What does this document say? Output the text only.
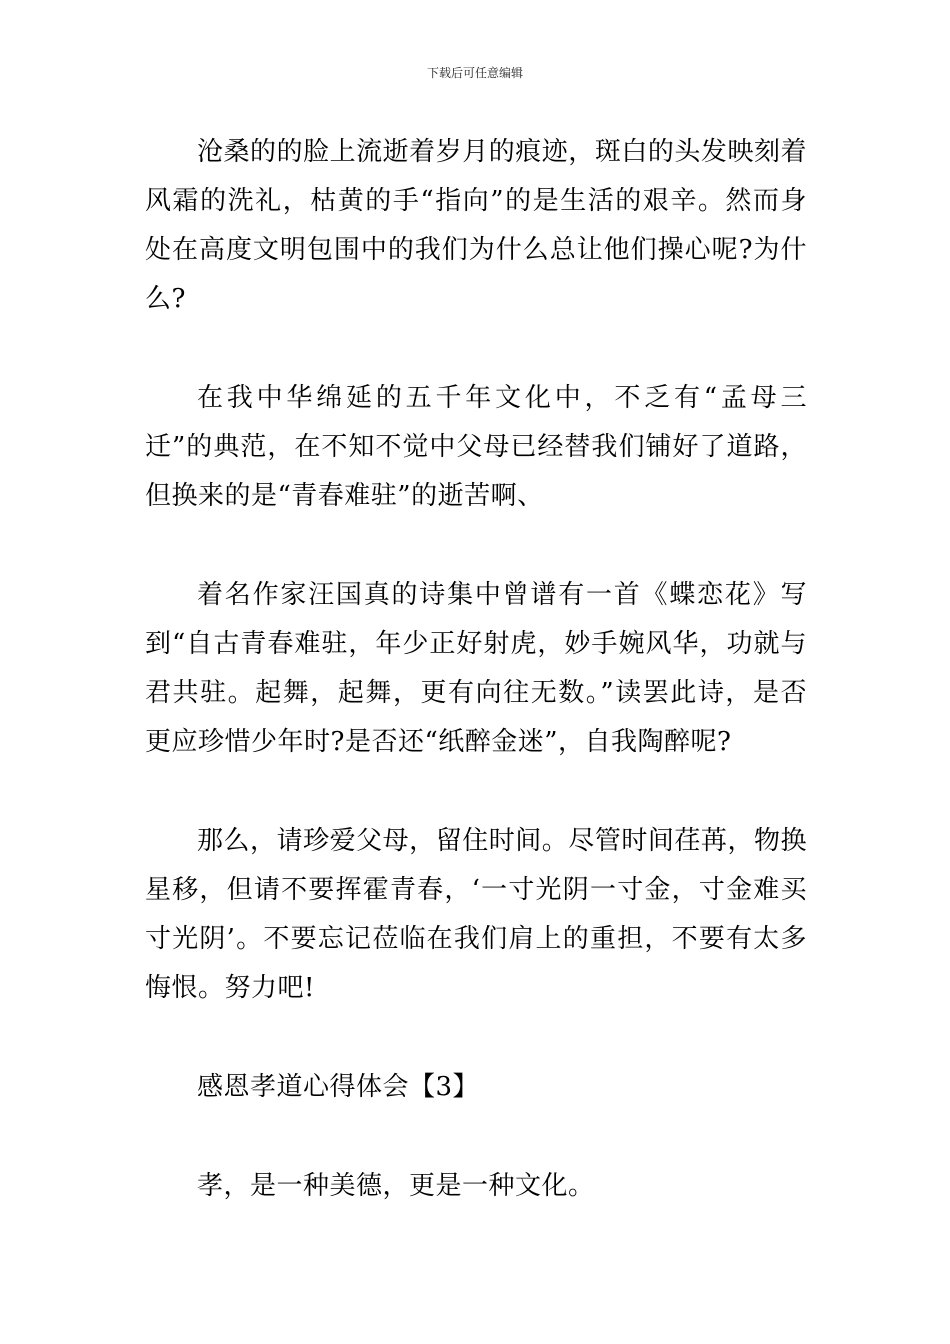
下载后可任意编辑

沧桑的的脸上流逝着岁月的痕迹，斑白的头发映刻着风霜的洗礼，枯黄的手“指向”的是生活的艰辛。然而身处在高度文明包围中的我们为什么总让他们操心呢?为什么?

在我中华绵延的五千年文化中，不乏有“孟母三迁”的典范，在不知不觉中父母已经替我们铺好了道路，但换来的是“青春难驻”的逝苦啊、

着名作家汪国真的诗集中曾谱有一首《蝶恋花》写到“自古青春难驻，年少正好射虎，妙手婉风华，功就与君共驻。起舞，起舞，更有向往无数。”读罢此诗，是否更应珍惜少年时?是否还“纸醉金迷”，自我陶醉呢?

那么，请珍爱父母，留住时间。尽管时间荏苒，物换星移，但请不要挥霍青春，‘一寸光阴一寸金，寸金难买寸光阴’。不要忘记莅临在我们肩上的重担，不要有太多悔恨。努力吧!

感恩孝道心得体会【3】

孝，是一种美德，更是一种文化。
